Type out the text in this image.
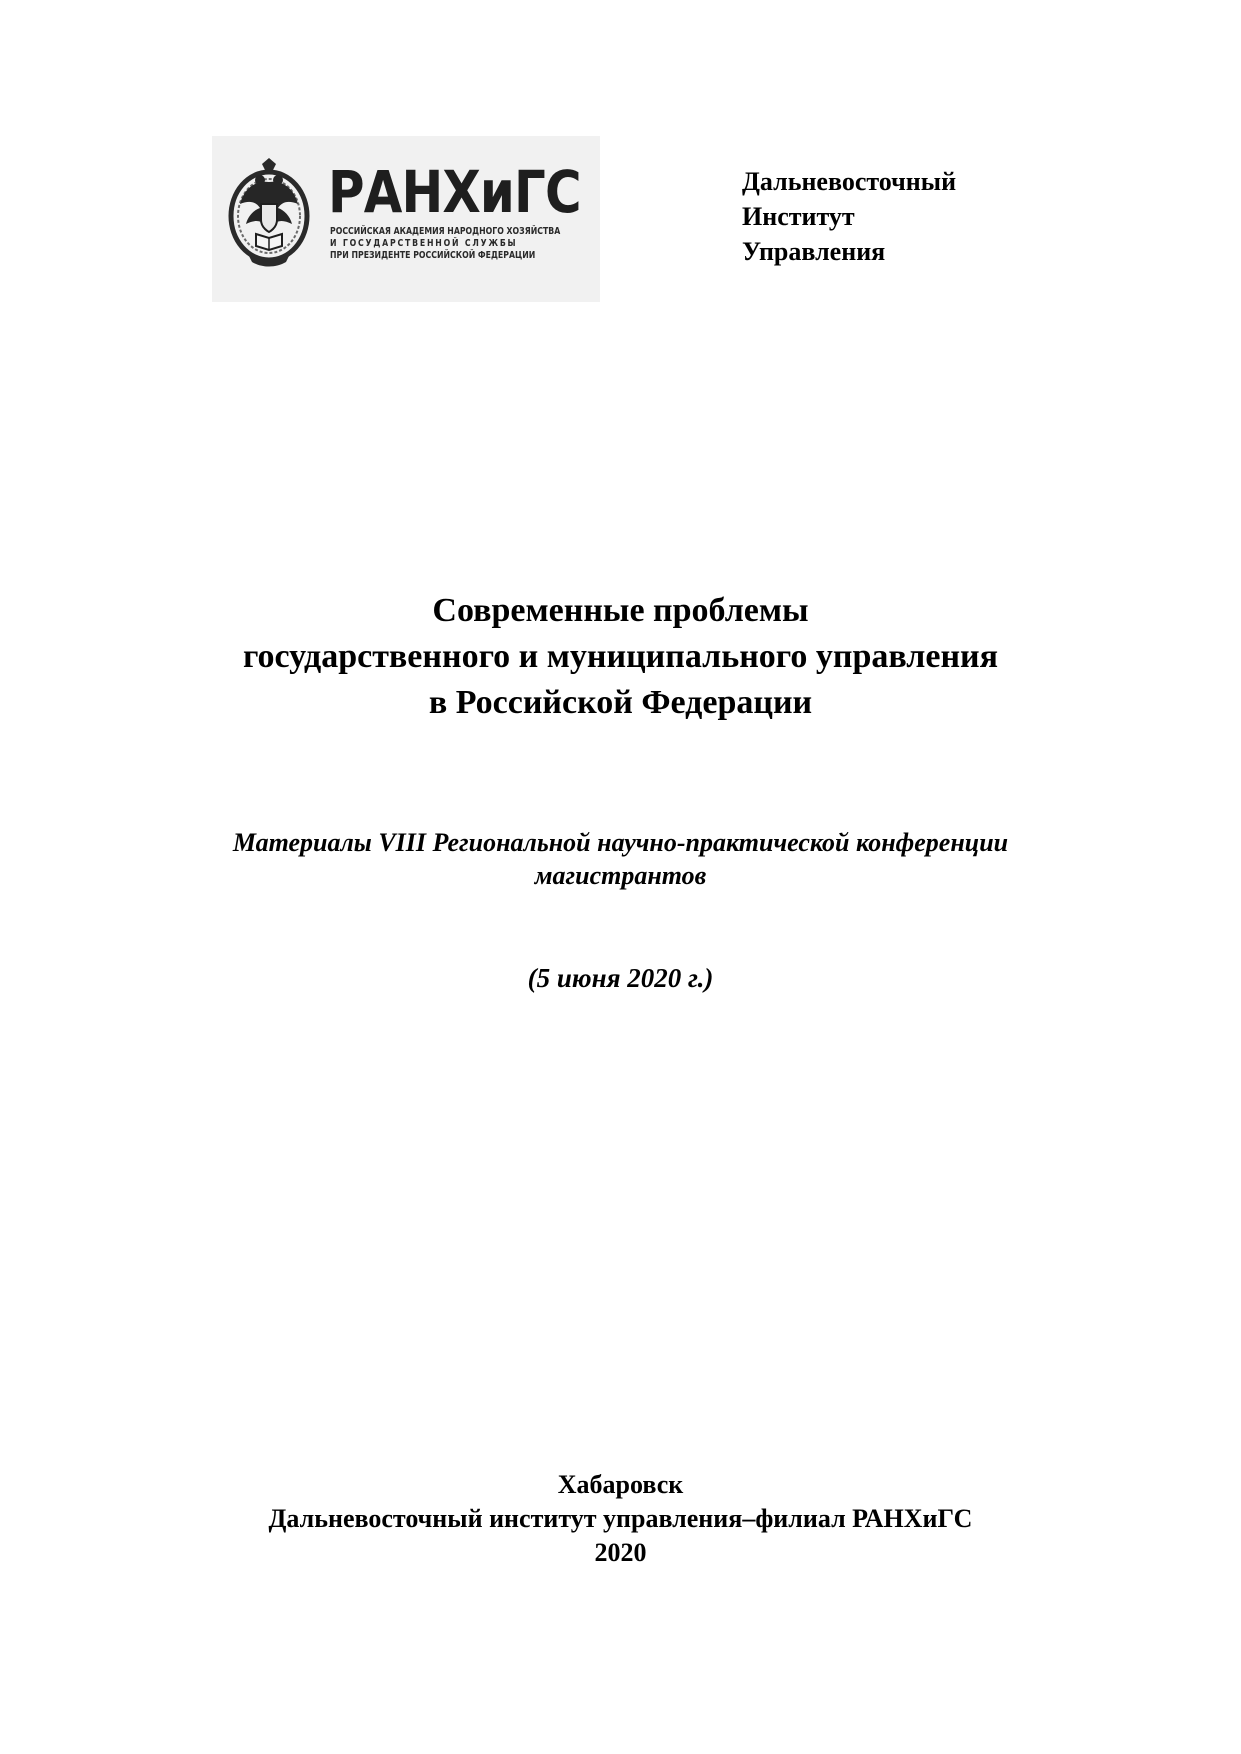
РАНХиГС
РОССИЙСКАЯ АКАДЕМИЯ НАРОДНОГО ХОЗЯЙСТВА
И ГОСУДАРСТВЕННОЙ СЛУЖБЫ
ПРИ ПРЕЗИДЕНТЕ РОССИЙСКОЙ ФЕДЕРАЦИИ
Дальневосточный
Институт
Управления
Современные проблемы
государственного и муниципального управления
в Российской Федерации
Материалы VIII Региональной научно-практической конференции
магистрантов
(5 июня 2020 г.)
Хабаровск
Дальневосточный институт управления–филиал РАНХиГС
2020
